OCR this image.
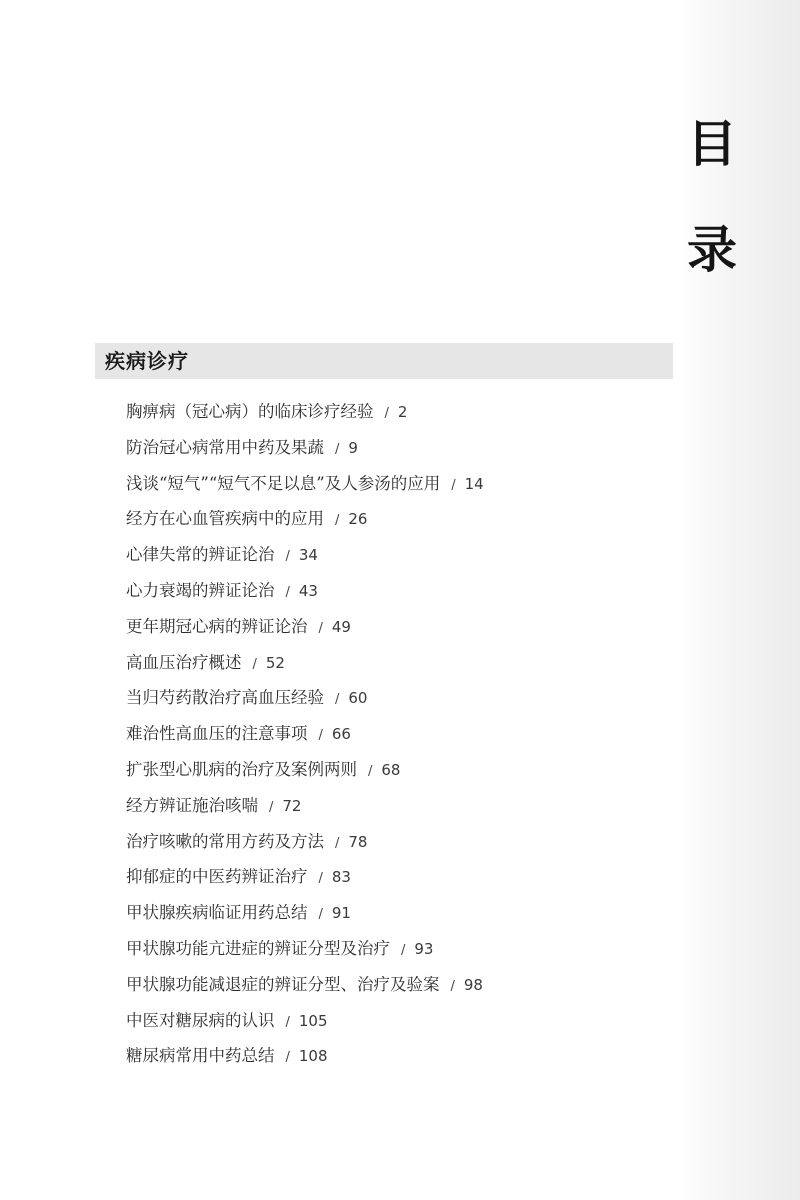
目
录
疾病诊疗
胸痹病（冠心病）的临床诊疗经验 / 2
防治冠心病常用中药及果蔬 / 9
浅谈“短气”“短气不足以息”及人参汤的应用 / 14
经方在心血管疾病中的应用 / 26
心律失常的辨证论治 / 34
心力衰竭的辨证论治 / 43
更年期冠心病的辨证论治 / 49
高血压治疗概述 / 52
当归芍药散治疗高血压经验 / 60
难治性高血压的注意事项 / 66
扩张型心肌病的治疗及案例两则 / 68
经方辨证施治咳喘 / 72
治疗咳嗽的常用方药及方法 / 78
抑郁症的中医药辨证治疗 / 83
甲状腺疾病临证用药总结 / 91
甲状腺功能亢进症的辨证分型及治疗 / 93
甲状腺功能减退症的辨证分型、治疗及验案 / 98
中医对糖尿病的认识 / 105
糖尿病常用中药总结 / 108
